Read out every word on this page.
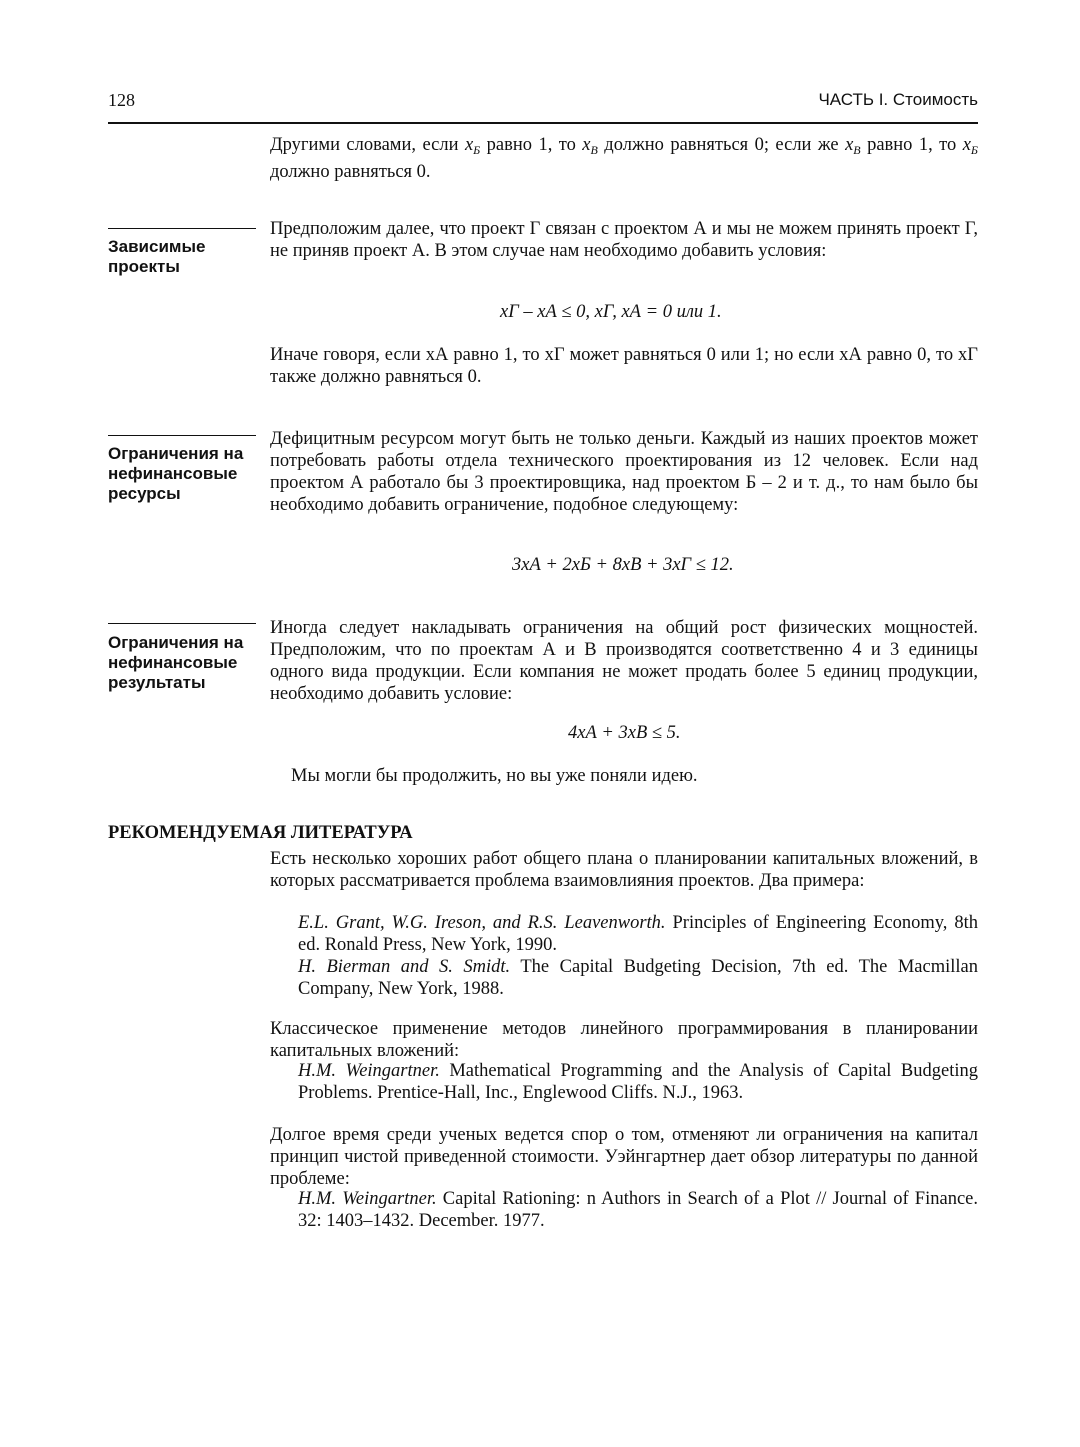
128	ЧАСТЬ I. Стоимость
Другими словами, если $x_Б$ равно 1, то $x_В$ должно равняться 0; если же $x_В$ равно 1, то $x_Б$ должно равняться 0.
Зависимые проекты
Предположим далее, что проект Г связан с проектом А и мы не можем принять проект Г, не приняв проект А. В этом случае нам необходимо добавить условия:
xГ – xА ≤ 0, xГ, xА = 0 или 1.
Иначе говоря, если xА равно 1, то xГ может равняться 0 или 1; но если xА равно 0, то xГ также должно равняться 0.
Ограничения на нефинансовые ресурсы
Дефицитным ресурсом могут быть не только деньги. Каждый из наших проектов может потребовать работы отдела технического проектирования из 12 человек. Если над проектом А работало бы 3 проектировщика, над проектом Б – 2 и т. д., то нам было бы необходимо добавить ограничение, подобное следующему:
3xА + 2xБ + 8xВ + 3xГ ≤ 12.
Ограничения на нефинансовые результаты
Иногда следует накладывать ограничения на общий рост физических мощностей. Предположим, что по проектам А и В производятся соответственно 4 и 3 единицы одного вида продукции. Если компания не может продать более 5 единиц продукции, необходимо добавить условие:
4xА + 3xВ ≤ 5.
Мы могли бы продолжить, но вы уже поняли идею.
РЕКОМЕНДУЕМАЯ ЛИТЕРАТУРА
Есть несколько хороших работ общего плана о планировании капитальных вложений, в которых рассматривается проблема взаимовлияния проектов. Два примера:
E.L. Grant, W.G. Ireson, and R.S. Leavenworth. Principles of Engineering Economy, 8th ed. Ronald Press, New York, 1990.
H. Bierman and S. Smidt. The Capital Budgeting Decision, 7th ed. The Macmillan Company, New York, 1988.
Классическое применение методов линейного программирования в планировании капитальных вложений:
H.M. Weingartner. Mathematical Programming and the Analysis of Capital Budgeting Problems. Prentice-Hall, Inc., Englewood Cliffs. N.J., 1963.
Долгое время среди ученых ведется спор о том, отменяют ли ограничения на капитал принцип чистой приведенной стоимости. Уэйнгартнер дает обзор литературы по данной проблеме:
H.M. Weingartner. Capital Rationing: n Authors in Search of a Plot // Journal of Finance. 32: 1403–1432. December. 1977.
